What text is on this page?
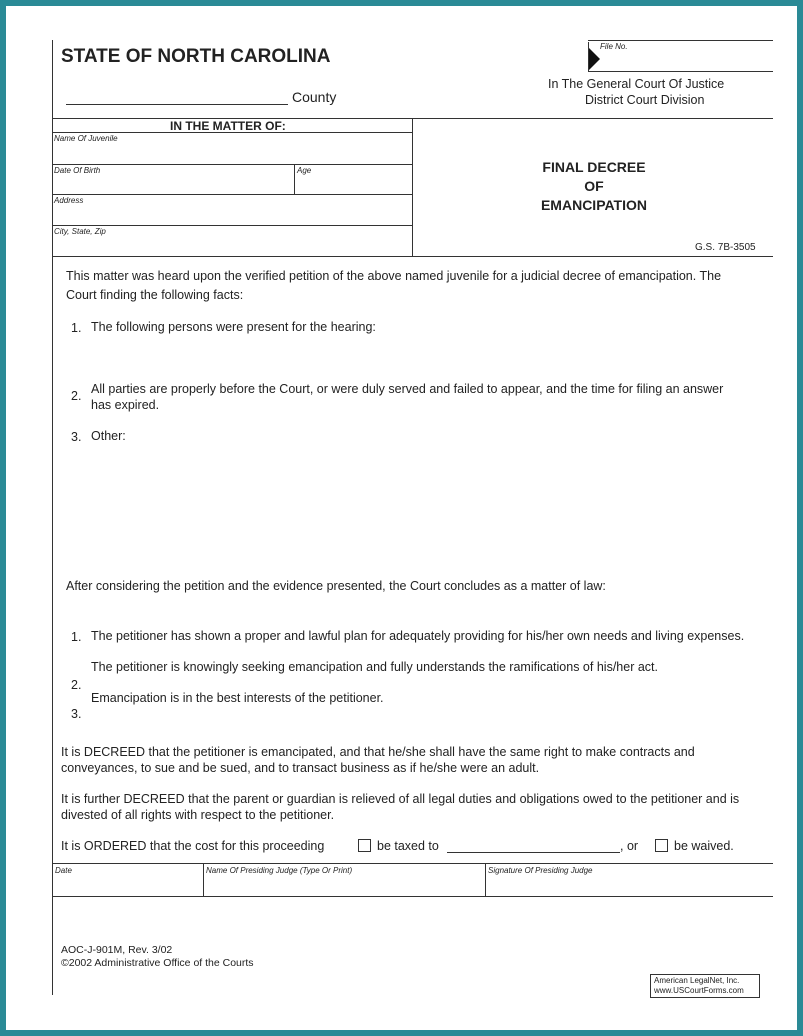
STATE OF NORTH CAROLINA
County
File No.
In The General Court Of Justice
District Court Division
IN THE MATTER OF:
Name Of Juvenile
Date Of Birth	Age
Address
City, State, Zip
FINAL DECREE
OF
EMANCIPATION
G.S. 7B-3505
This matter was heard upon the verified petition of the above named juvenile for a judicial decree of emancipation. The
Court finding the following facts:
1. The following persons were present for the hearing:
2. All parties are properly before the Court, or were duly served and failed to appear, and the time for filing an answer
has expired.
3. Other:
After considering the petition and the evidence presented, the Court concludes as a matter of law:
1. The petitioner has shown a proper and lawful plan for adequately providing for his/her own needs and living expenses.
The petitioner is knowingly seeking emancipation and fully understands the ramifications of his/her act.
2.
Emancipation is in the best interests of the petitioner.
3.
It is DECREED that the petitioner is emancipated, and that he/she shall have the same right to make contracts and
conveyances, to sue and be sued, and to transact business as if he/she were an adult.
It is further DECREED that the parent or guardian is relieved of all legal duties and obligations owed to the petitioner and is
divested of all rights with respect to the petitioner.
It is ORDERED that the cost for this proceeding	be taxed to	, or	be waived.
Date	Name Of Presiding Judge (Type Or Print)	Signature Of Presiding Judge
AOC-J-901M, Rev. 3/02
©2002 Administrative Office of the Courts
American LegalNet, Inc.
www.USCourtForms.com
